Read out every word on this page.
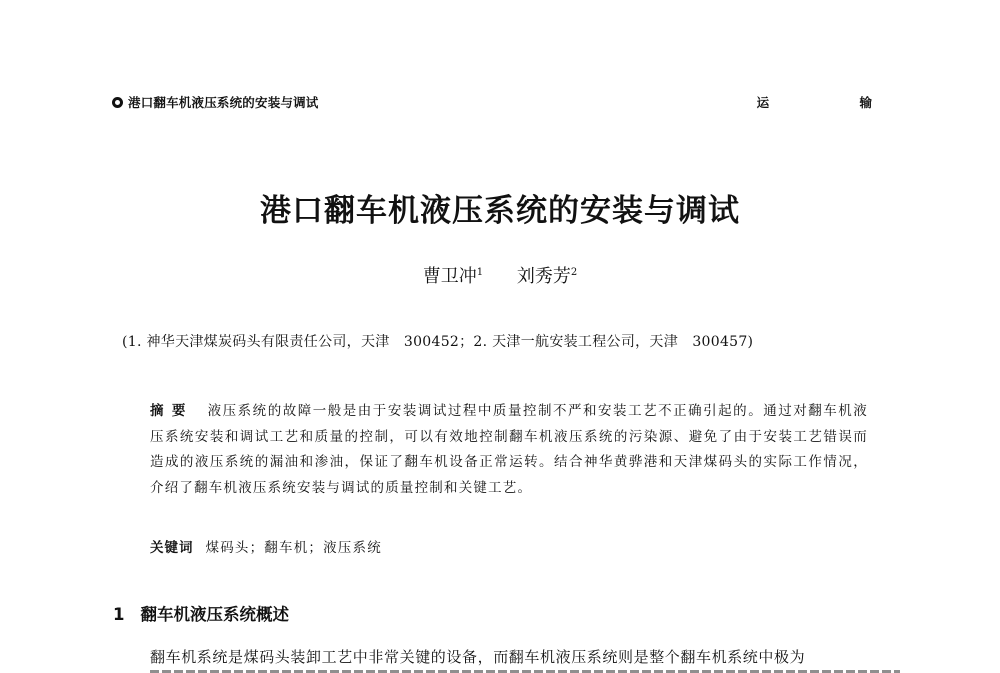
港口翻车机液压系统的安装与调试	运 输
港口翻车机液压系统的安装与调试
曹卫冲$^1$ 刘秀芳$^2$
(1. 神华天津煤炭码头有限责任公司，天津　300452；2. 天津一航安装工程公司，天津　300457)
摘要 液压系统的故障一般是由于安装调试过程中质量控制不严和安装工艺不正确引起的。通过对翻车机液压系统安装和调试工艺和质量的控制，可以有效地控制翻车机液压系统的污染源、避免了由于安装工艺错误而造成的液压系统的漏油和渗油，保证了翻车机设备正常运转。结合神华黄骅港和天津煤码头的实际工作情况，介绍了翻车机液压系统安装与调试的质量控制和关键工艺。
关键词 煤码头；翻车机；液压系统
1 翻车机液压系统概述
翻车机系统是煤码头装卸工艺中非常关键的设备，而翻车机液压系统则是整个翻车机系统中极为
